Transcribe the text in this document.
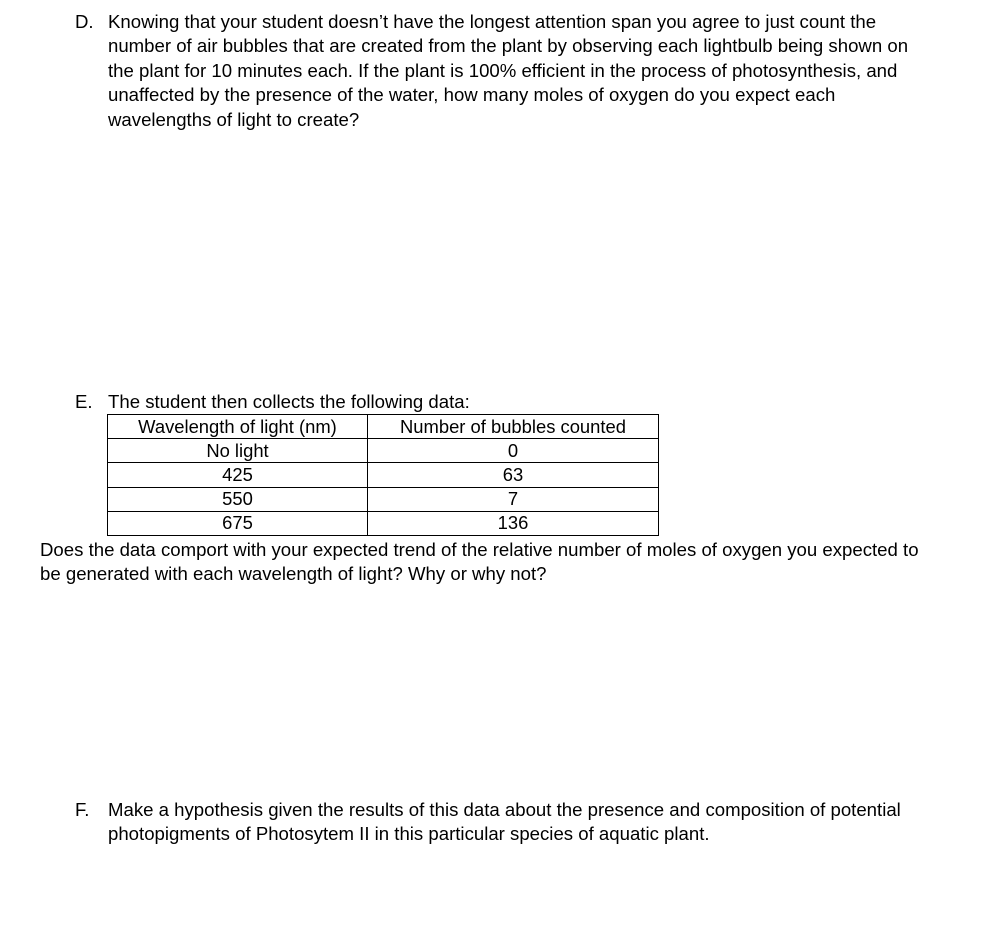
D. Knowing that your student doesn’t have the longest attention span you agree to just count the number of air bubbles that are created from the plant by observing each lightbulb being shown on the plant for 10 minutes each. If the plant is 100% efficient in the process of photosynthesis, and unaffected by the presence of the water, how many moles of oxygen do you expect each wavelengths of light to create?

E. The student then collects the following data:

Wavelength of light (nm)	Number of bubbles counted
No light	0
425	63
550	7
675	136

Does the data comport with your expected trend of the relative number of moles of oxygen you expected to be generated with each wavelength of light? Why or why not?

F. Make a hypothesis given the results of this data about the presence and composition of potential photopigments of Photosytem II in this particular species of aquatic plant.
